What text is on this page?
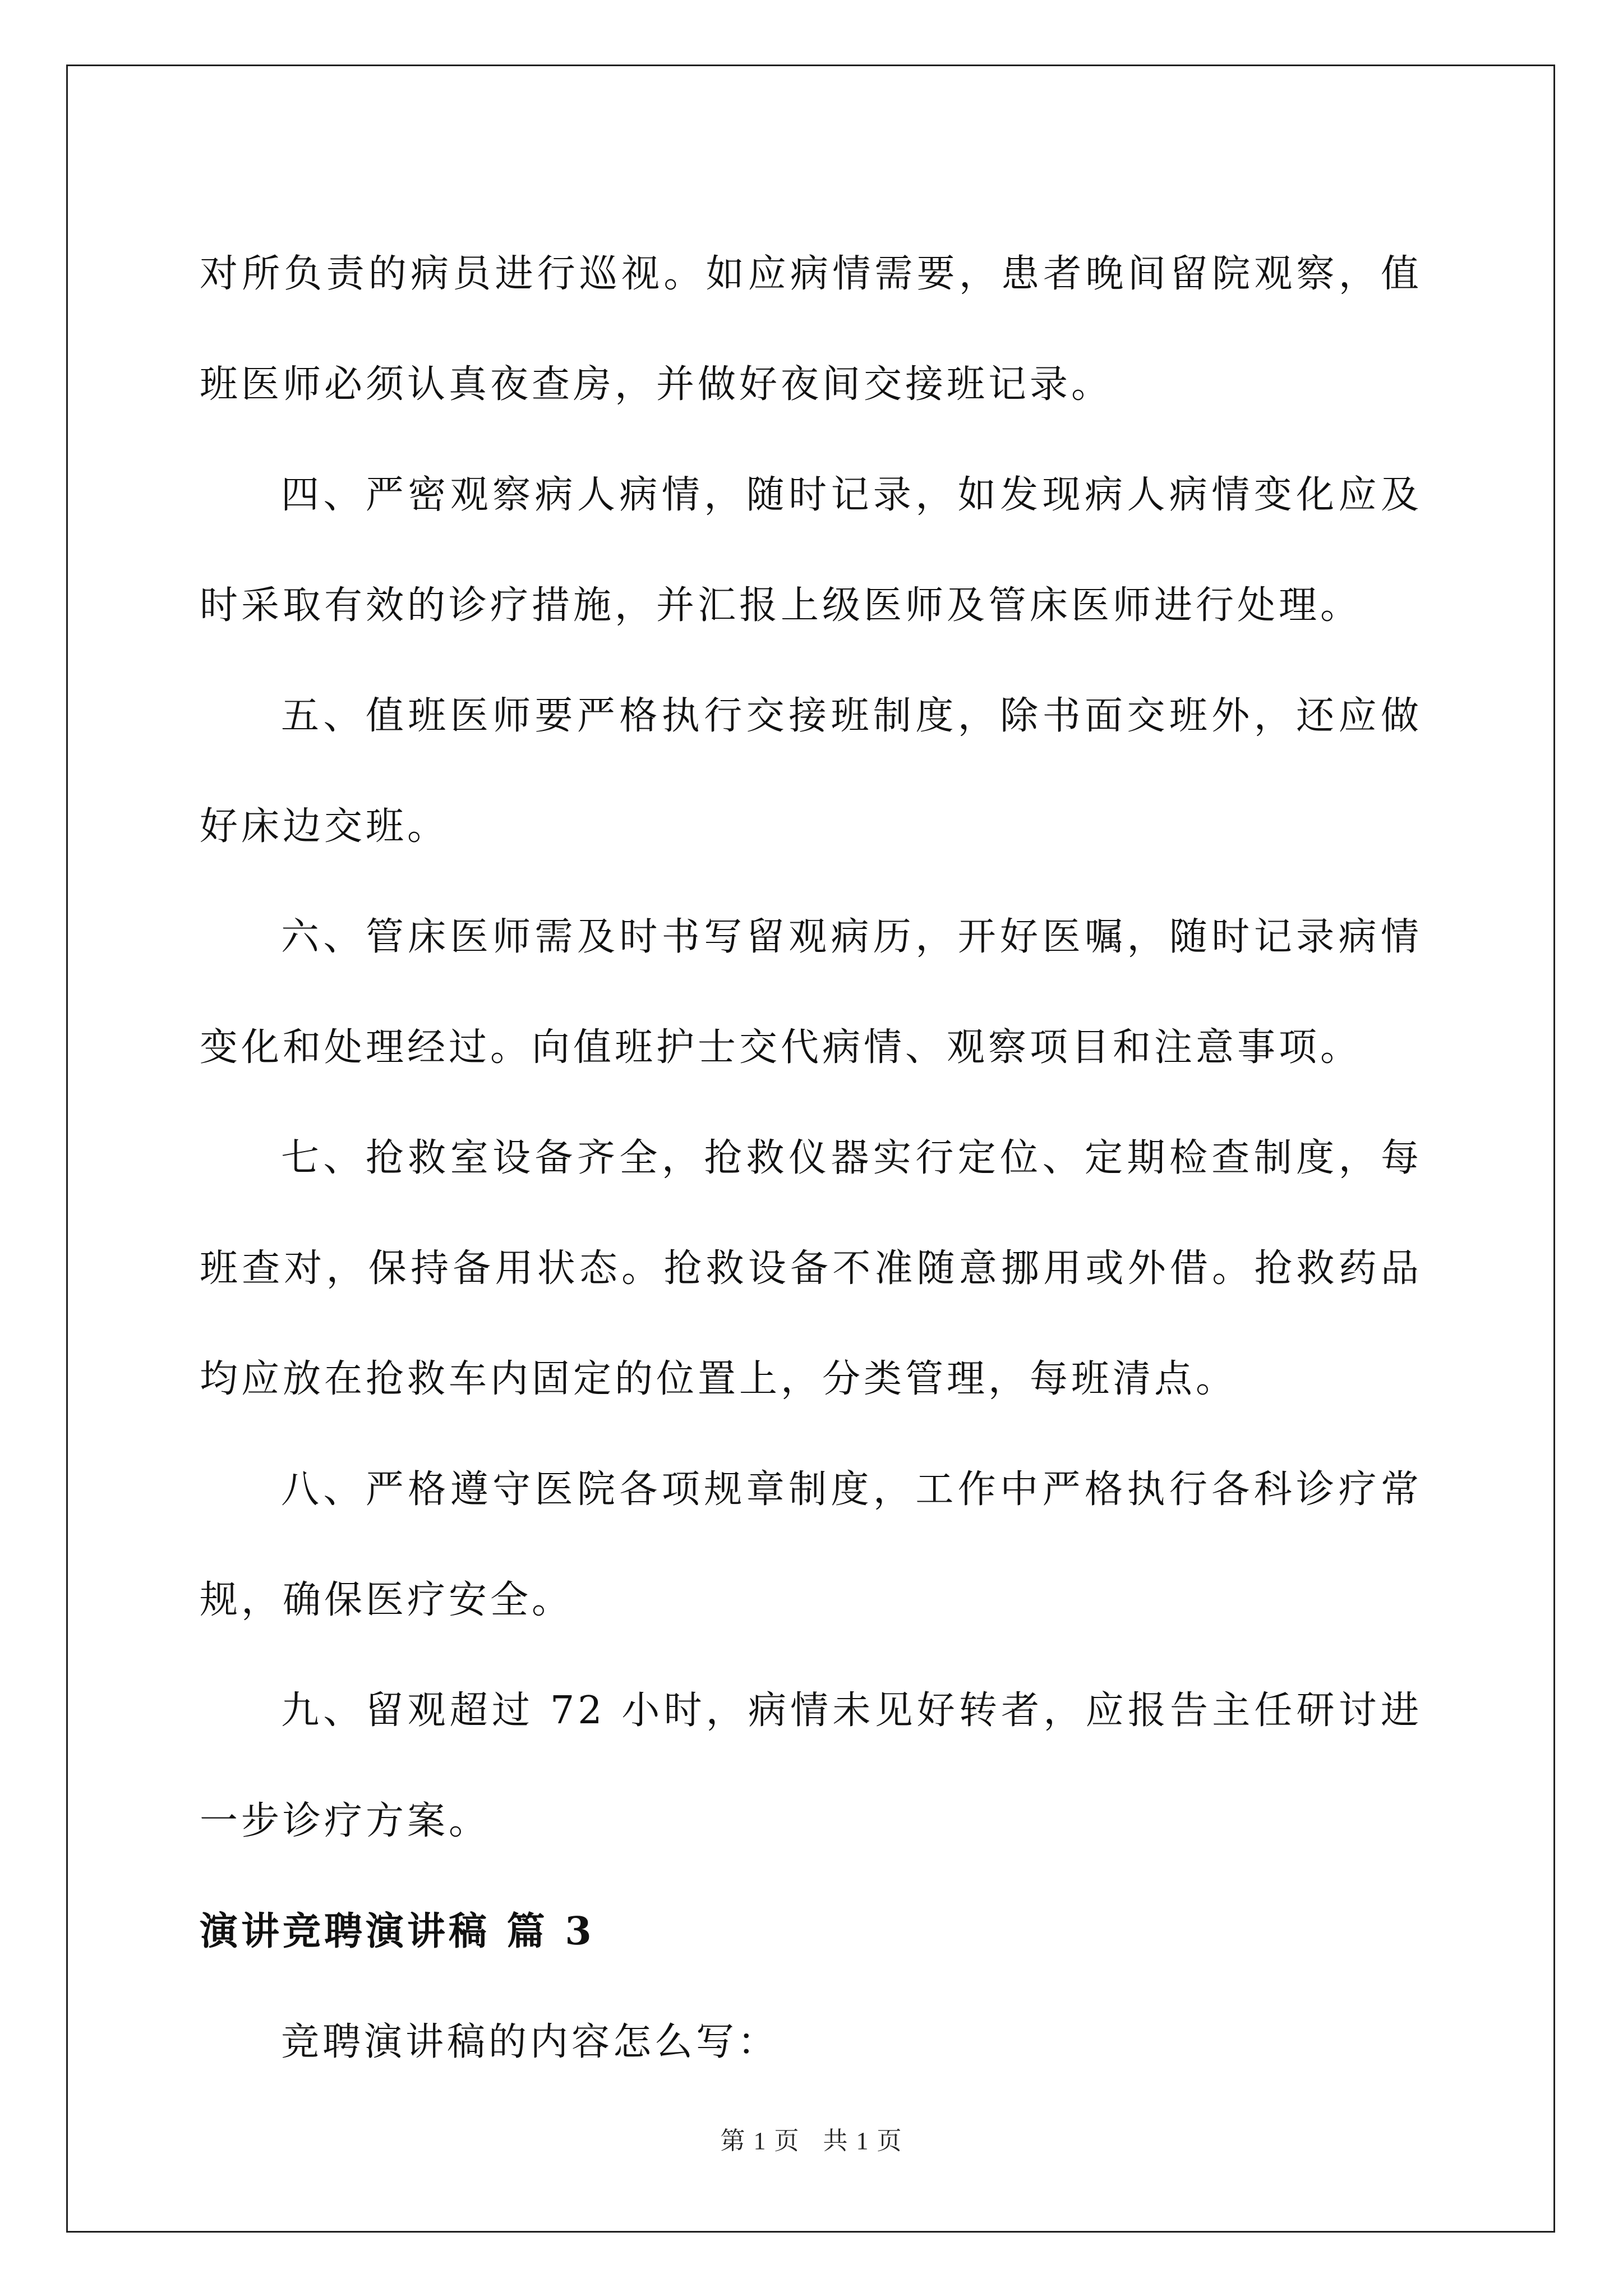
对所负责的病员进行巡视。如应病情需要，患者晚间留院观察，值班医师必须认真夜查房，并做好夜间交接班记录。

四、严密观察病人病情，随时记录，如发现病人病情变化应及时采取有效的诊疗措施，并汇报上级医师及管床医师进行处理。

五、值班医师要严格执行交接班制度，除书面交班外，还应做好床边交班。

六、管床医师需及时书写留观病历，开好医嘱，随时记录病情变化和处理经过。向值班护士交代病情、观察项目和注意事项。

七、抢救室设备齐全，抢救仪器实行定位、定期检查制度，每班查对，保持备用状态。抢救设备不准随意挪用或外借。抢救药品均应放在抢救车内固定的位置上，分类管理，每班清点。

八、严格遵守医院各项规章制度，工作中严格执行各科诊疗常规，确保医疗安全。

九、留观超过 72 小时，病情未见好转者，应报告主任研讨进一步诊疗方案。

演讲竞聘演讲稿 篇 3

竞聘演讲稿的内容怎么写：

第 1 页 共 1 页
